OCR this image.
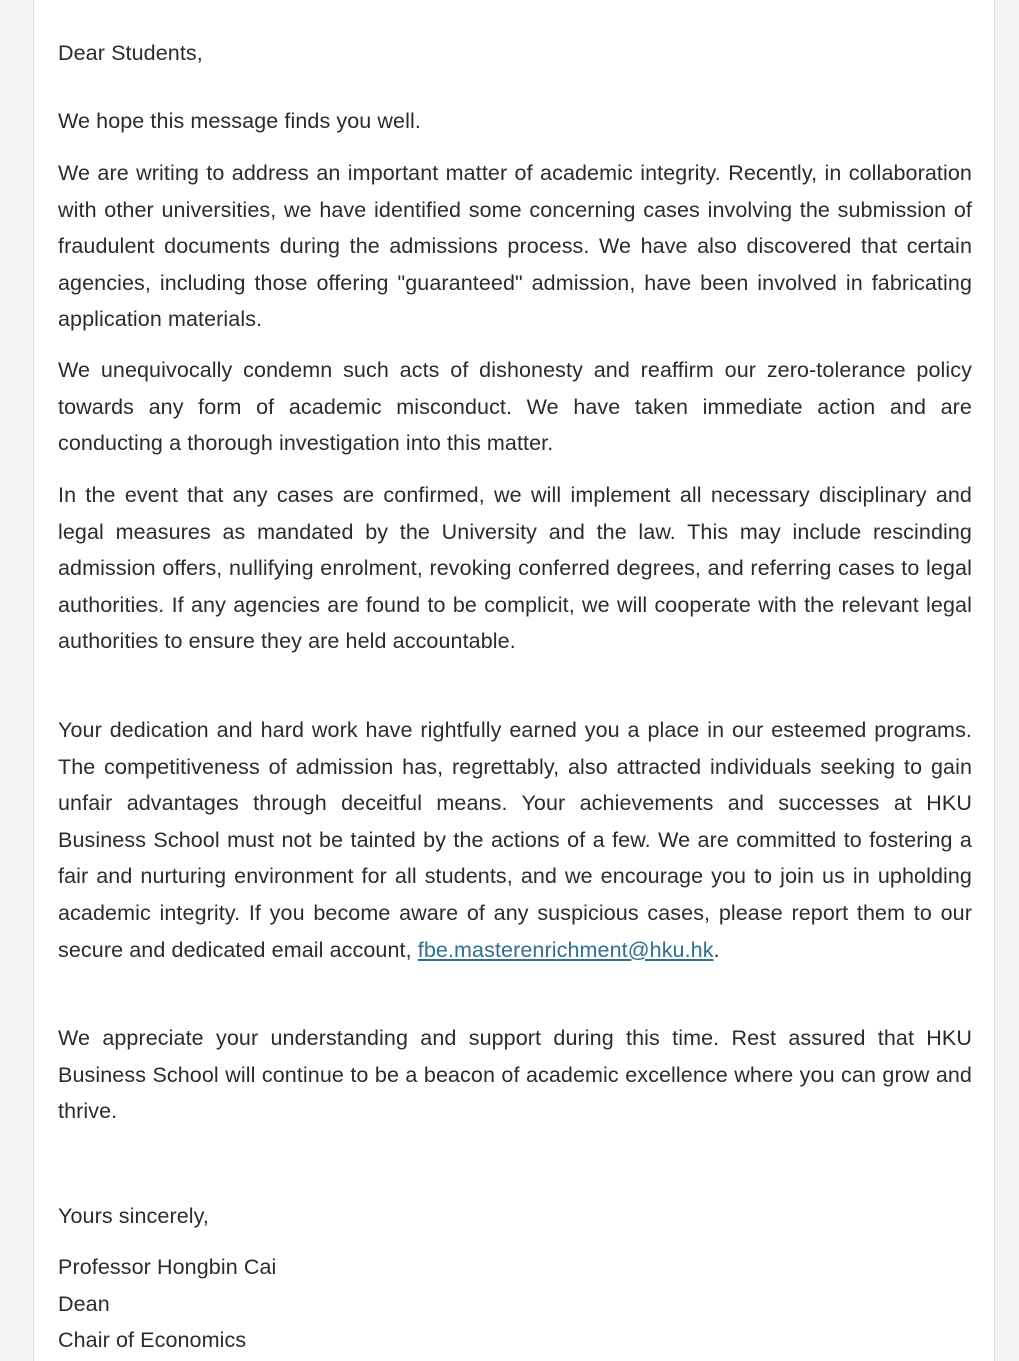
Dear Students,

We hope this message finds you well.

We are writing to address an important matter of academic integrity. Recently, in collaboration with other universities, we have identified some concerning cases involving the submission of fraudulent documents during the admissions process. We have also discovered that certain agencies, including those offering "guaranteed" admission, have been involved in fabricating application materials.

We unequivocally condemn such acts of dishonesty and reaffirm our zero-tolerance policy towards any form of academic misconduct. We have taken immediate action and are conducting a thorough investigation into this matter.

In the event that any cases are confirmed, we will implement all necessary disciplinary and legal measures as mandated by the University and the law. This may include rescinding admission offers, nullifying enrolment, revoking conferred degrees, and referring cases to legal authorities. If any agencies are found to be complicit, we will cooperate with the relevant legal authorities to ensure they are held accountable.

Your dedication and hard work have rightfully earned you a place in our esteemed programs. The competitiveness of admission has, regrettably, also attracted individuals seeking to gain unfair advantages through deceitful means. Your achievements and successes at HKU Business School must not be tainted by the actions of a few. We are committed to fostering a fair and nurturing environment for all students, and we encourage you to join us in upholding academic integrity. If you become aware of any suspicious cases, please report them to our secure and dedicated email account, fbe.masterenrichment@hku.hk.

We appreciate your understanding and support during this time. Rest assured that HKU Business School will continue to be a beacon of academic excellence where you can grow and thrive.

Yours sincerely,

Professor Hongbin Cai
Dean
Chair of Economics
